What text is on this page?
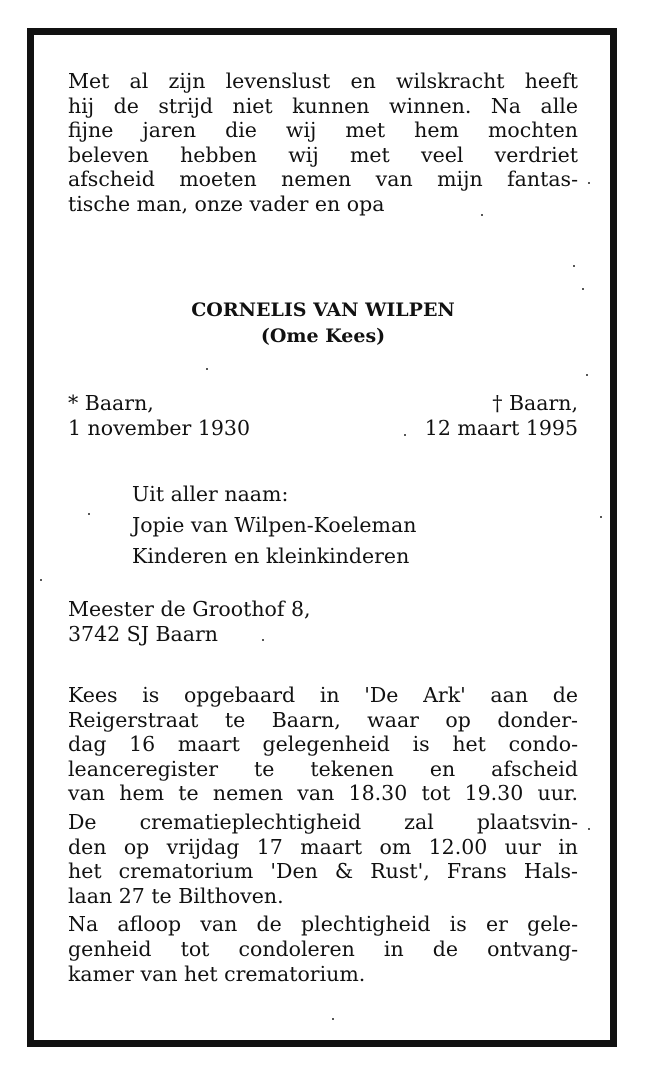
Met al zijn levenslust en wilskracht heeft
hij de strijd niet kunnen winnen. Na alle
fijne jaren die wij met hem mochten
beleven hebben wij met veel verdriet
afscheid moeten nemen van mijn fantas-
tische man, onze vader en opa
CORNELIS VAN WILPEN
(Ome Kees)
* Baarn,
1 november 1930
† Baarn,
12 maart 1995
Uit aller naam:
Jopie van Wilpen-Koeleman
Kinderen en kleinkinderen
Meester de Groothof 8,
3742 SJ Baarn
Kees is opgebaard in 'De Ark' aan de
Reigerstraat te Baarn, waar op donder-
dag 16 maart gelegenheid is het condo-
leanceregister te tekenen en afscheid
van hem te nemen van 18.30 tot 19.30 uur.
De crematieplechtigheid zal plaatsvin-
den op vrijdag 17 maart om 12.00 uur in
het crematorium 'Den & Rust', Frans Hals-
laan 27 te Bilthoven.
Na afloop van de plechtigheid is er gele-
genheid tot condoleren in de ontvang-
kamer van het crematorium.
